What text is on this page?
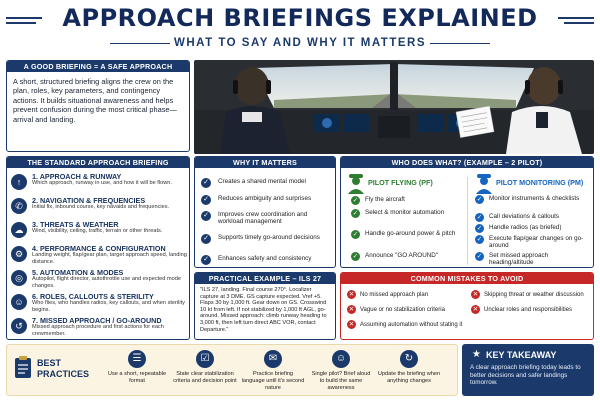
APPROACH BRIEFINGS EXPLAINED
WHAT TO SAY AND WHY IT MATTERS
A GOOD BRIEFING = A SAFE APPROACH
A short, structured briefing aligns the crew on the plan, roles, key parameters, and contingency actions. It builds situational awareness and helps prevent confusion during the most critical phase—arrival and landing.
THE STANDARD APPROACH BRIEFING
↑
1. APPROACH & RUNWAY
Which approach, runway in use, and how it will be flown.
✆
2. NAVIGATION & FREQUENCIES
Initial fix, inbound course, key navaids and frequencies.
☁
3. THREATS & WEATHER
Wind, visibility, ceiling, traffic, terrain or other threats.
⚙
4. PERFORMANCE & CONFIGURATION
Landing weight, flap/gear plan, target approach speed, landing distance.
◎
5. AUTOMATION & MODES
Autopilot, flight director, autothrottle use and expected mode changes.
☺
6. ROLES, CALLOUTS & STERILITY
Who flies, who handles radios, key callouts, and when sterility begins.
↺
7. MISSED APPROACH / GO-AROUND
Missed approach procedure and first actions for each crewmember.
WHY IT MATTERS
✓	Creates a shared mental model
✓	Reduces ambiguity and surprises
✓	Improves crew coordination and workload management
✓	Supports timely go-around decisions
✓	Enhances safety and consistency
PRACTICAL EXAMPLE – ILS 27
"ILS 27, landing. Final course 270°. Localizer capture at 3 DME. GS capture expected. Vref +5. Flaps 30 by 1,000 ft. Gear down on GS. Crosswind 10 kt from left. If not stabilized by 1,000 ft AGL, go-around. Missed approach: climb runway heading to 3,000 ft, then left turn direct ABC VOR, contact Departure."
WHO DOES WHAT? (EXAMPLE – 2 PILOT)
PILOT FLYING (PF)
✓ Fly the aircraft
✓ Select & monitor automation
✓ Handle go-around power & pitch
✓ Announce "GO AROUND"
PILOT MONITORING (PM)
✓ Monitor instruments & checklists
✓ Call deviations & callouts
✓ Handle radios (as briefed)
✓ Execute flap/gear changes on go-around
✓ Set missed approach heading/altitude
COMMON MISTAKES TO AVOID
✕ No missed approach plan
✕ Vague or no stabilization criteria
✕ Assuming automation without stating it
✕ Skipping threat or weather discussion
✕ Unclear roles and responsibilities
BEST
PRACTICES
☰
Use a short, repeatable format
☑
State clear stabilization criteria and decision point
✉
Practice briefing language until it's second nature
☺
Single pilot? Brief aloud to build the same awareness
↻
Update the briefing when anything changes
★ KEY TAKEAWAY
A clear approach briefing today leads to better decisions and safer landings tomorrow.
